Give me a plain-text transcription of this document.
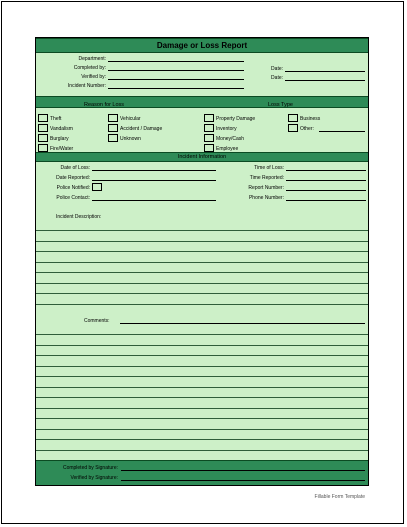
Damage or Loss Report
Department:
Completed by:
Verified by:
Incident Number:
Date:
Date:
Reason for Loss	Loss Type
Theft
Vandalism
Burglary
Fire/Water
Vehicular
Accident / Damage
Unknown
Property Damage
Inventory
Money/Cash
Employee
Business
Other:
Incident Information
Date of Loss:
Date Reported:
Police Notified:
Police Contact:
Time of Loss:
Time Reported:
Report Number:
Phone Number:
Incident Description:
Comments:
Completed by Signature:
Verified by Signature:
Fillable Form Template
